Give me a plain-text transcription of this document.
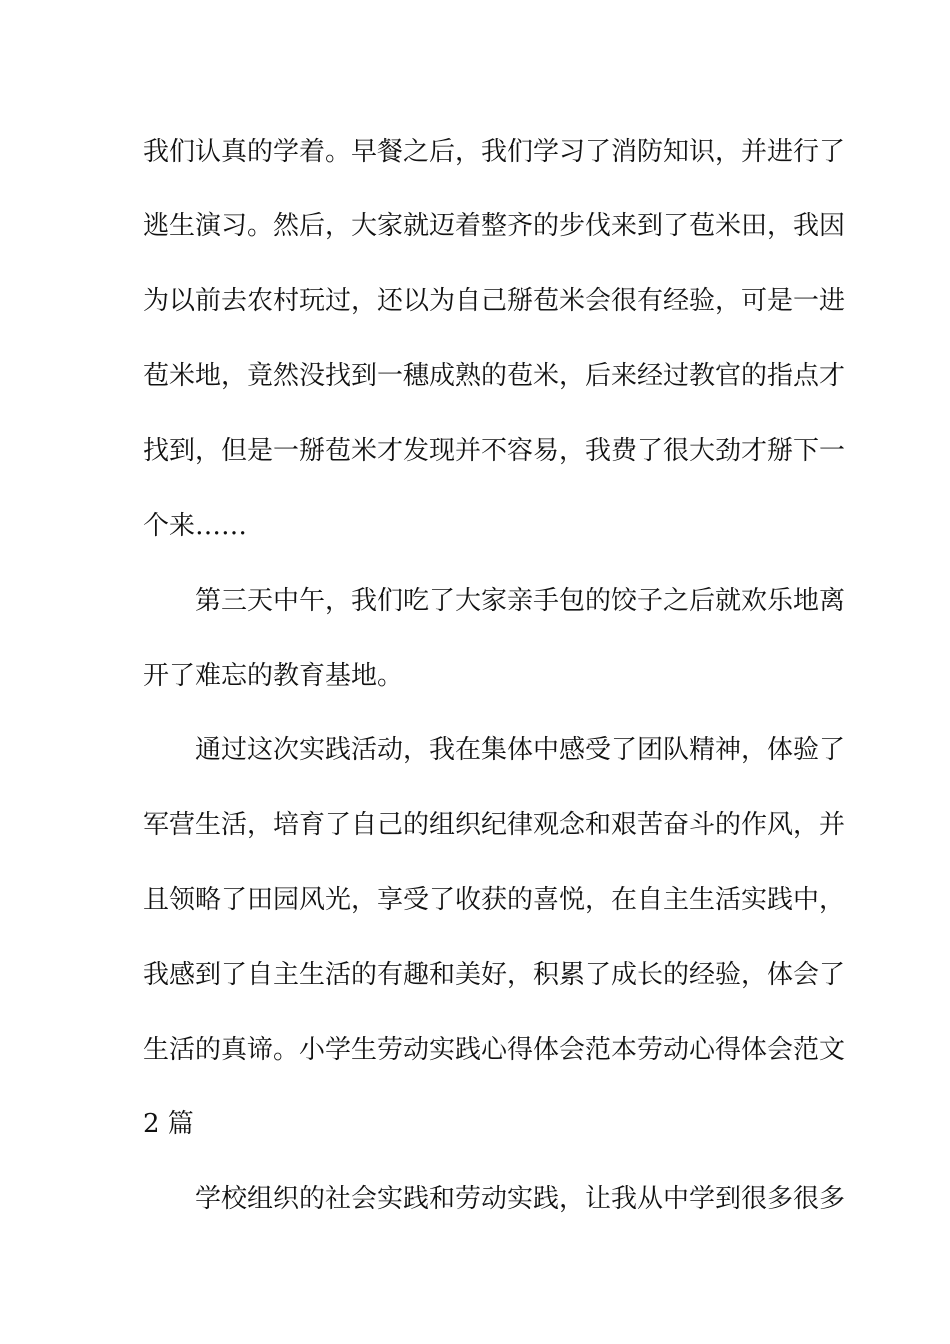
我们认真的学着。早餐之后，我们学习了消防知识，并进行了
逃生演习。然后，大家就迈着整齐的步伐来到了苞米田，我因
为以前去农村玩过，还以为自己掰苞米会很有经验，可是一进
苞米地，竟然没找到一穗成熟的苞米，后来经过教官的指点才
找到，但是一掰苞米才发现并不容易，我费了很大劲才掰下一
个来……
第三天中午，我们吃了大家亲手包的饺子之后就欢乐地离
开了难忘的教育基地。
通过这次实践活动，我在集体中感受了团队精神，体验了
军营生活，培育了自己的组织纪律观念和艰苦奋斗的作风，并
且领略了田园风光，享受了收获的喜悦，在自主生活实践中，
我感到了自主生活的有趣和美好，积累了成长的经验，体会了
生活的真谛。小学生劳动实践心得体会范本劳动心得体会范文
2 篇
学校组织的社会实践和劳动实践，让我从中学到很多很多
